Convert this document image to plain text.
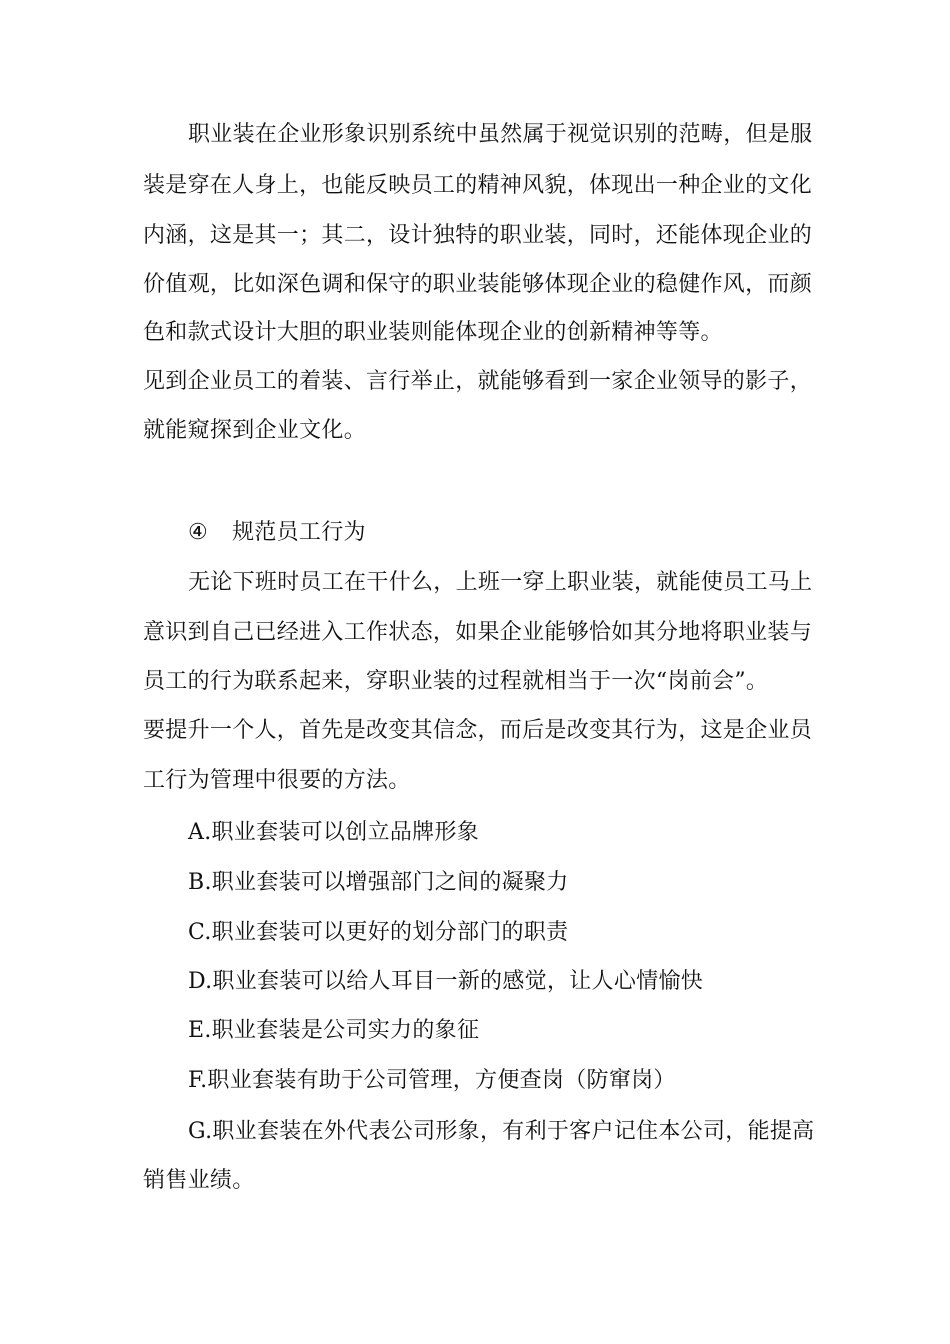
职业装在企业形象识别系统中虽然属于视觉识别的范畴，但是服
装是穿在人身上，也能反映员工的精神风貌，体现出一种企业的文化
内涵，这是其一；其二，设计独特的职业装，同时，还能体现企业的
价值观，比如深色调和保守的职业装能够体现企业的稳健作风，而颜
色和款式设计大胆的职业装则能体现企业的创新精神等等。
见到企业员工的着装、言行举止，就能够看到一家企业领导的影子，
就能窥探到企业文化。
④ 规范员工行为
无论下班时员工在干什么，上班一穿上职业装，就能使员工马上
意识到自己已经进入工作状态，如果企业能够恰如其分地将职业装与
员工的行为联系起来，穿职业装的过程就相当于一次“岗前会”。
要提升一个人，首先是改变其信念，而后是改变其行为，这是企业员
工行为管理中很要的方法。
A.职业套装可以创立品牌形象
B.职业套装可以增强部门之间的凝聚力
C.职业套装可以更好的划分部门的职责
D.职业套装可以给人耳目一新的感觉，让人心情愉快
E.职业套装是公司实力的象征
F.职业套装有助于公司管理，方便查岗（防窜岗）
G.职业套装在外代表公司形象，有利于客户记住本公司，能提高
销售业绩。
